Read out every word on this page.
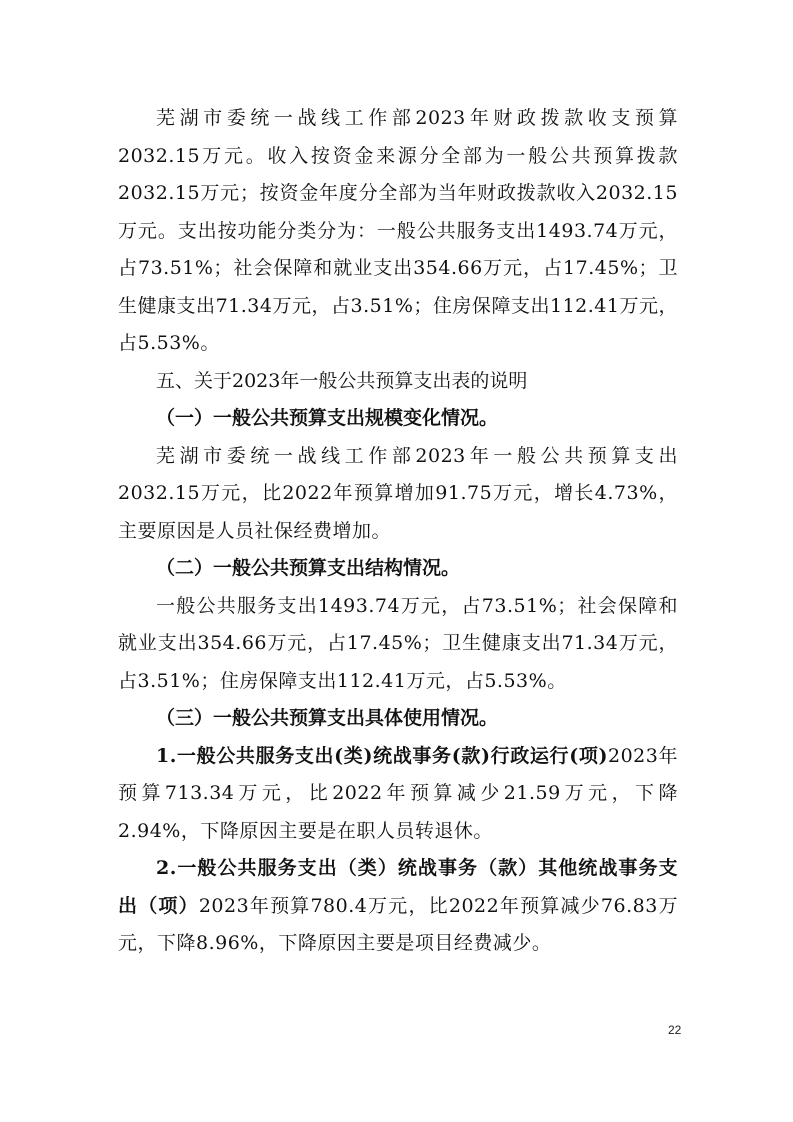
芜湖市委统一战线工作部2023年财政拨款收支预算2032.15万元。收入按资金来源分全部为一般公共预算拨款2032.15万元；按资金年度分全部为当年财政拨款收入2032.15万元。支出按功能分类分为：一般公共服务支出1493.74万元，占73.51%；社会保障和就业支出354.66万元，占17.45%；卫生健康支出71.34万元，占3.51%；住房保障支出112.41万元，占5.53%。

五、关于2023年一般公共预算支出表的说明

（一）一般公共预算支出规模变化情况。

芜湖市委统一战线工作部2023年一般公共预算支出2032.15万元，比2022年预算增加91.75万元，增长4.73%，主要原因是人员社保经费增加。

（二）一般公共预算支出结构情况。

一般公共服务支出1493.74万元，占73.51%；社会保障和就业支出354.66万元，占17.45%；卫生健康支出71.34万元，占3.51%；住房保障支出112.41万元，占5.53%。

（三）一般公共预算支出具体使用情况。

1.一般公共服务支出(类)统战事务(款)行政运行(项)2023年预算713.34万元，比2022年预算减少21.59万元，下降2.94%，下降原因主要是在职人员转退休。

2.一般公共服务支出（类）统战事务（款）其他统战事务支出（项）2023年预算780.4万元，比2022年预算减少76.83万元，下降8.96%，下降原因主要是项目经费减少。

22
